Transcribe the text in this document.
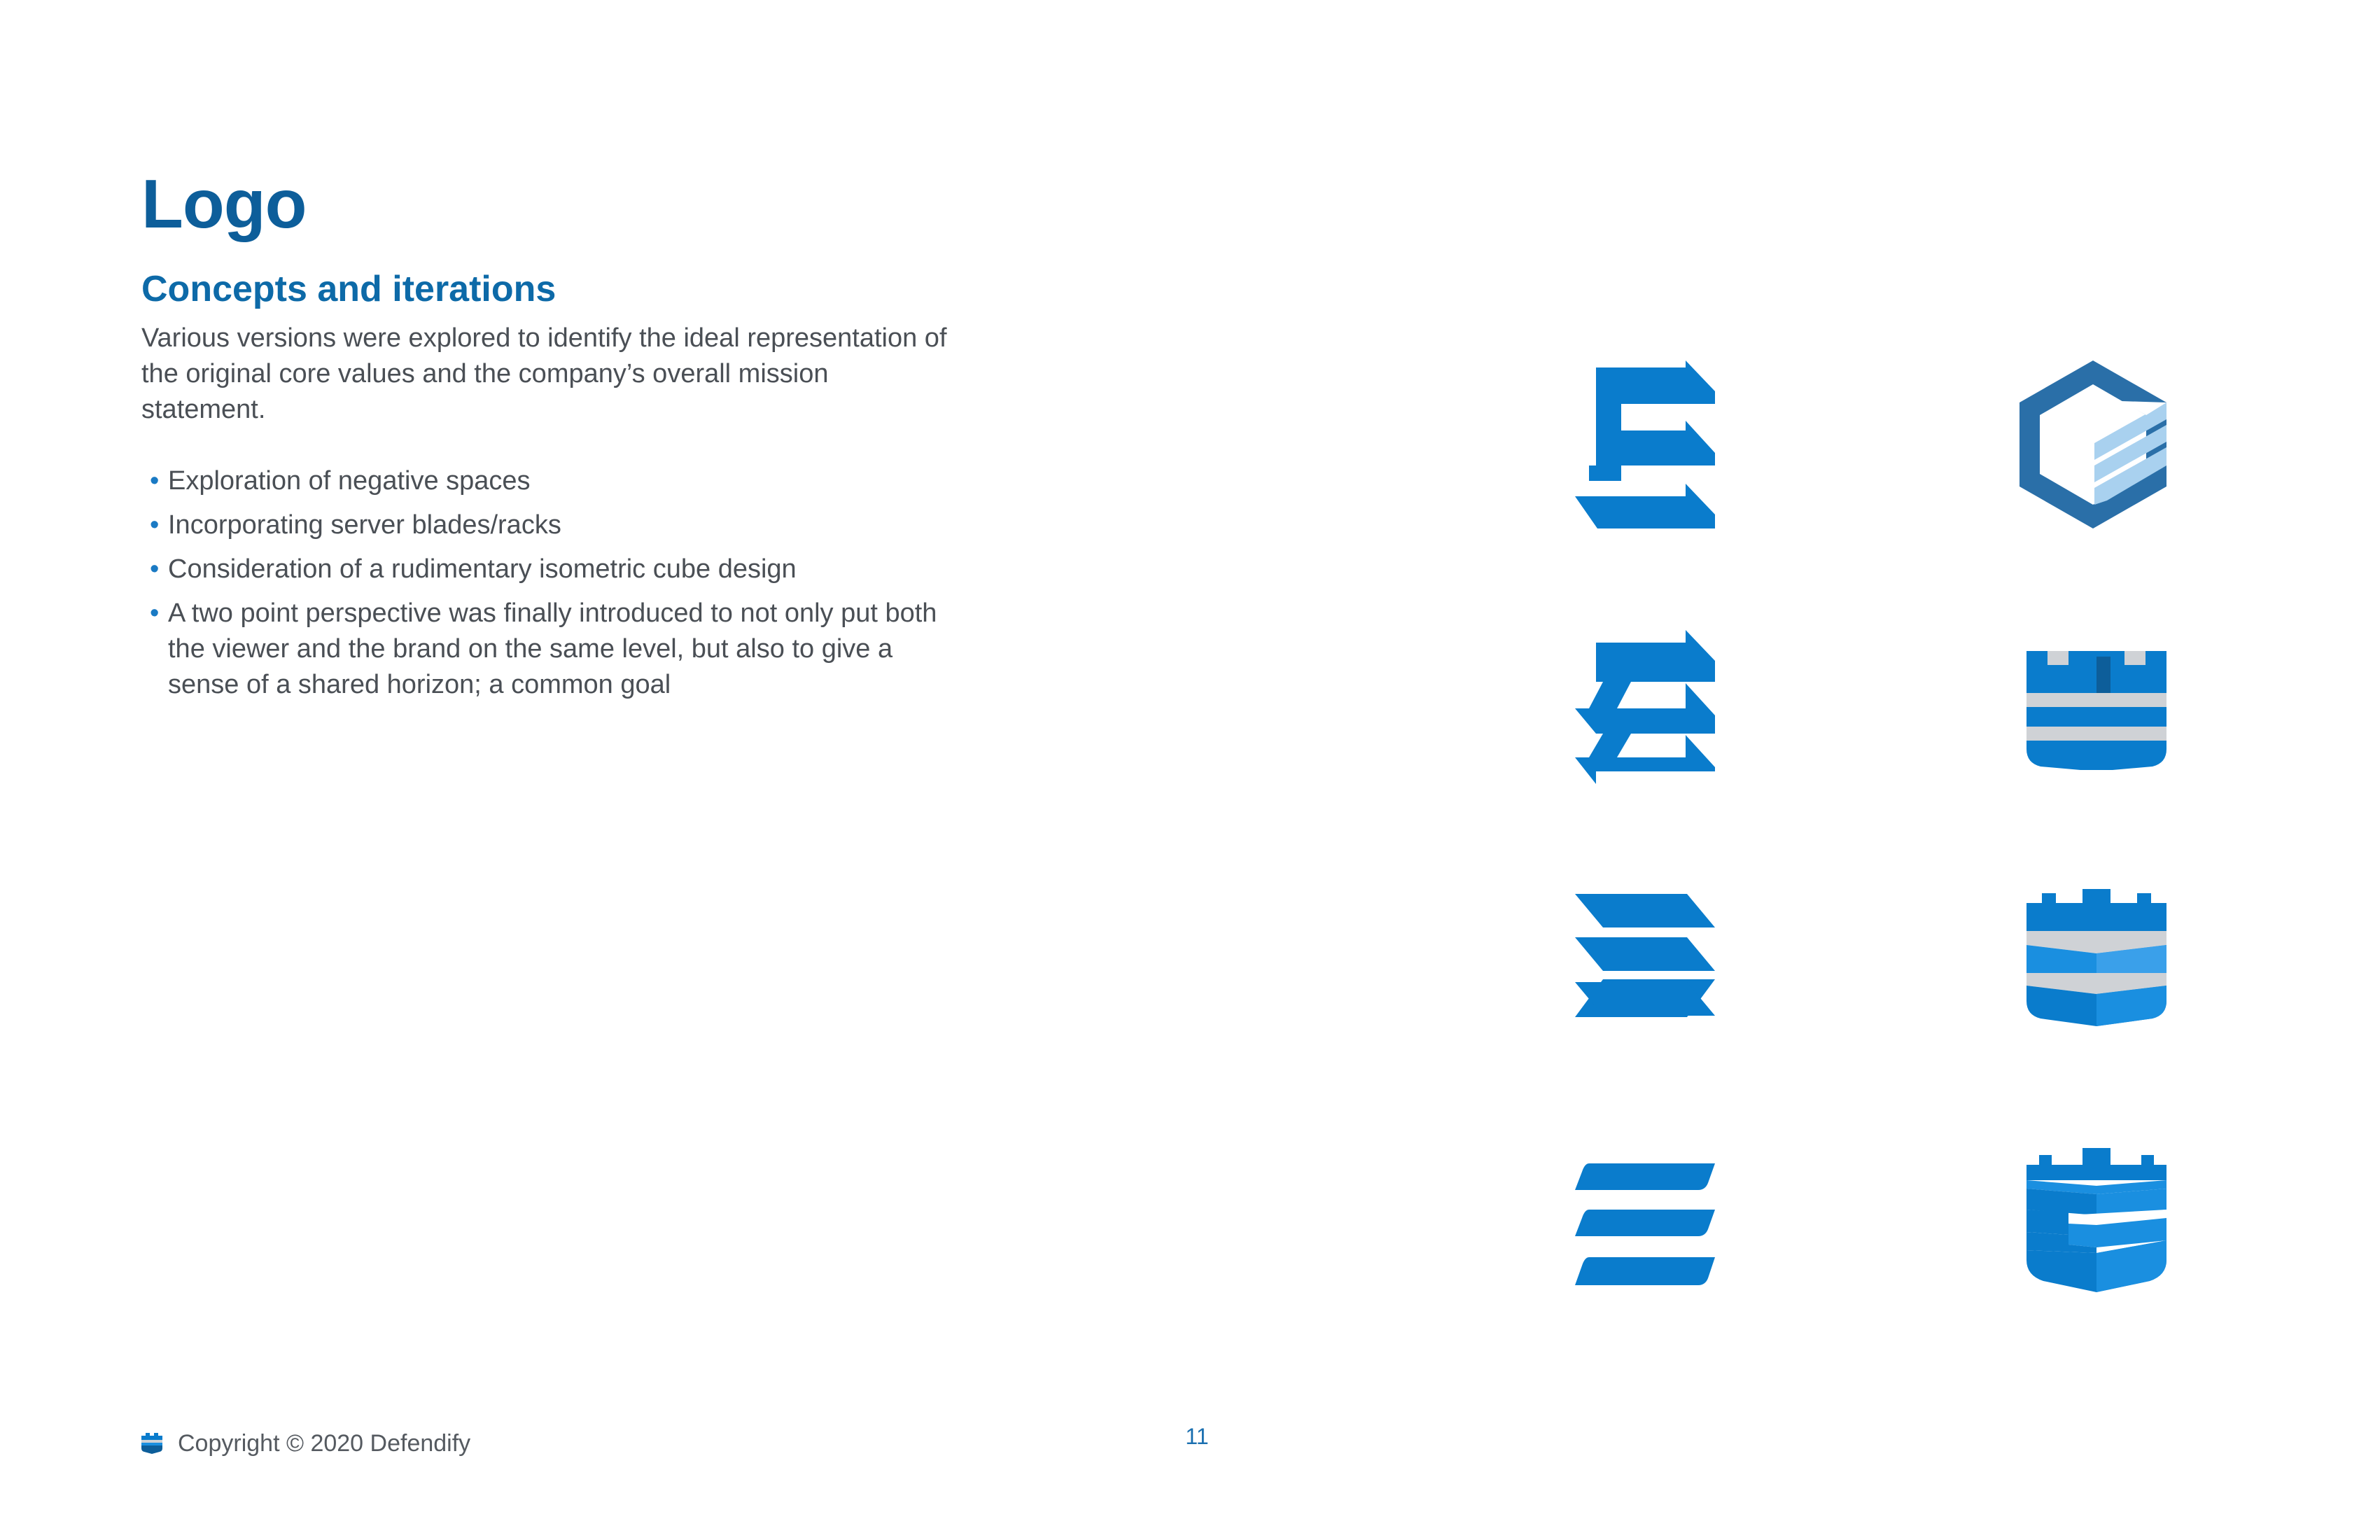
Logo
Concepts and iterations
Various versions were explored to identify the ideal representation of the original core values and the company’s overall mission statement.
• Exploration of negative spaces
• Incorporating server blades/racks
• Consideration of a rudimentary isometric cube design
• A two point perspective was finally introduced to not only put both the viewer and the brand on the same level, but also to give a sense of a shared horizon; a common goal
Copyright © 2020 Defendify	11
